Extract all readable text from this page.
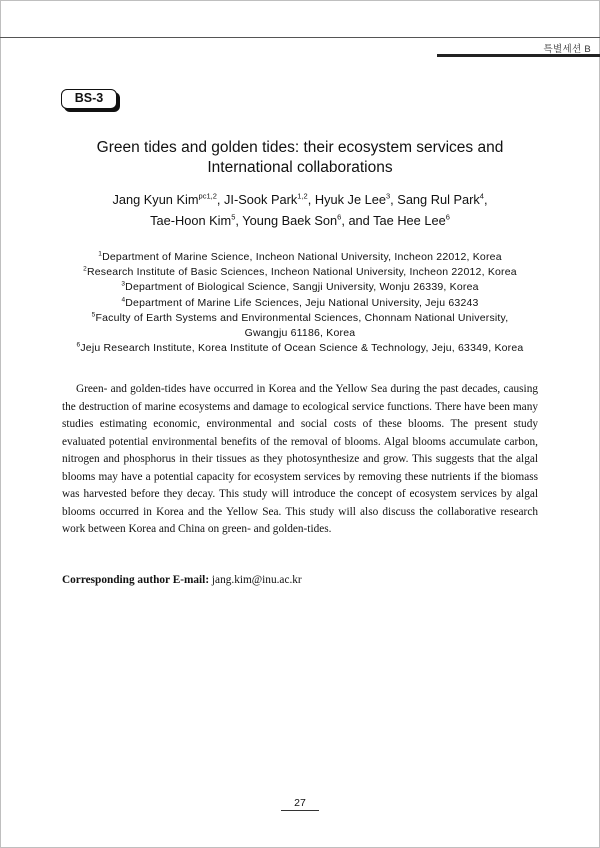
특별세션 B
BS-3
Green tides and golden tides: their ecosystem services and
International collaborations
Jang Kyun Kim$^{pc1,2}$, JI-Sook Park$^{1,2}$, Hyuk Je Lee$^3$, Sang Rul Park$^4$,
Tae-Hoon Kim$^5$, Young Baek Son$^6$, and Tae Hee Lee$^6$
$^1$Department of Marine Science, Incheon National University, Incheon 22012, Korea
$^2$Research Institute of Basic Sciences, Incheon National University, Incheon 22012, Korea
$^3$Department of Biological Science, Sangji University, Wonju 26339, Korea
$^4$Department of Marine Life Sciences, Jeju National University, Jeju 63243
$^5$Faculty of Earth Systems and Environmental Sciences, Chonnam National University,
Gwangju 61186, Korea
$^6$Jeju Research Institute, Korea Institute of Ocean Science & Technology, Jeju, 63349, Korea

Green- and golden-tides have occurred in Korea and the Yellow Sea during the past decades, causing the destruction of marine ecosystems and damage to ecological service functions. There have been many studies estimating economic, environmental and social costs of these blooms. The present study evaluated potential environmental benefits of the removal of blooms. Algal blooms accumulate carbon, nitrogen and phosphorus in their tissues as they photosynthesize and grow. This suggests that the algal blooms may have a potential capacity for ecosystem services by removing these nutrients if the biomass was harvested before they decay. This study will introduce the concept of ecosystem services by algal blooms occurred in Korea and the Yellow Sea. This study will also discuss the collaborative research work between Korea and China on green- and golden-tides.

Corresponding author E-mail: jang.kim@inu.ac.kr
27
